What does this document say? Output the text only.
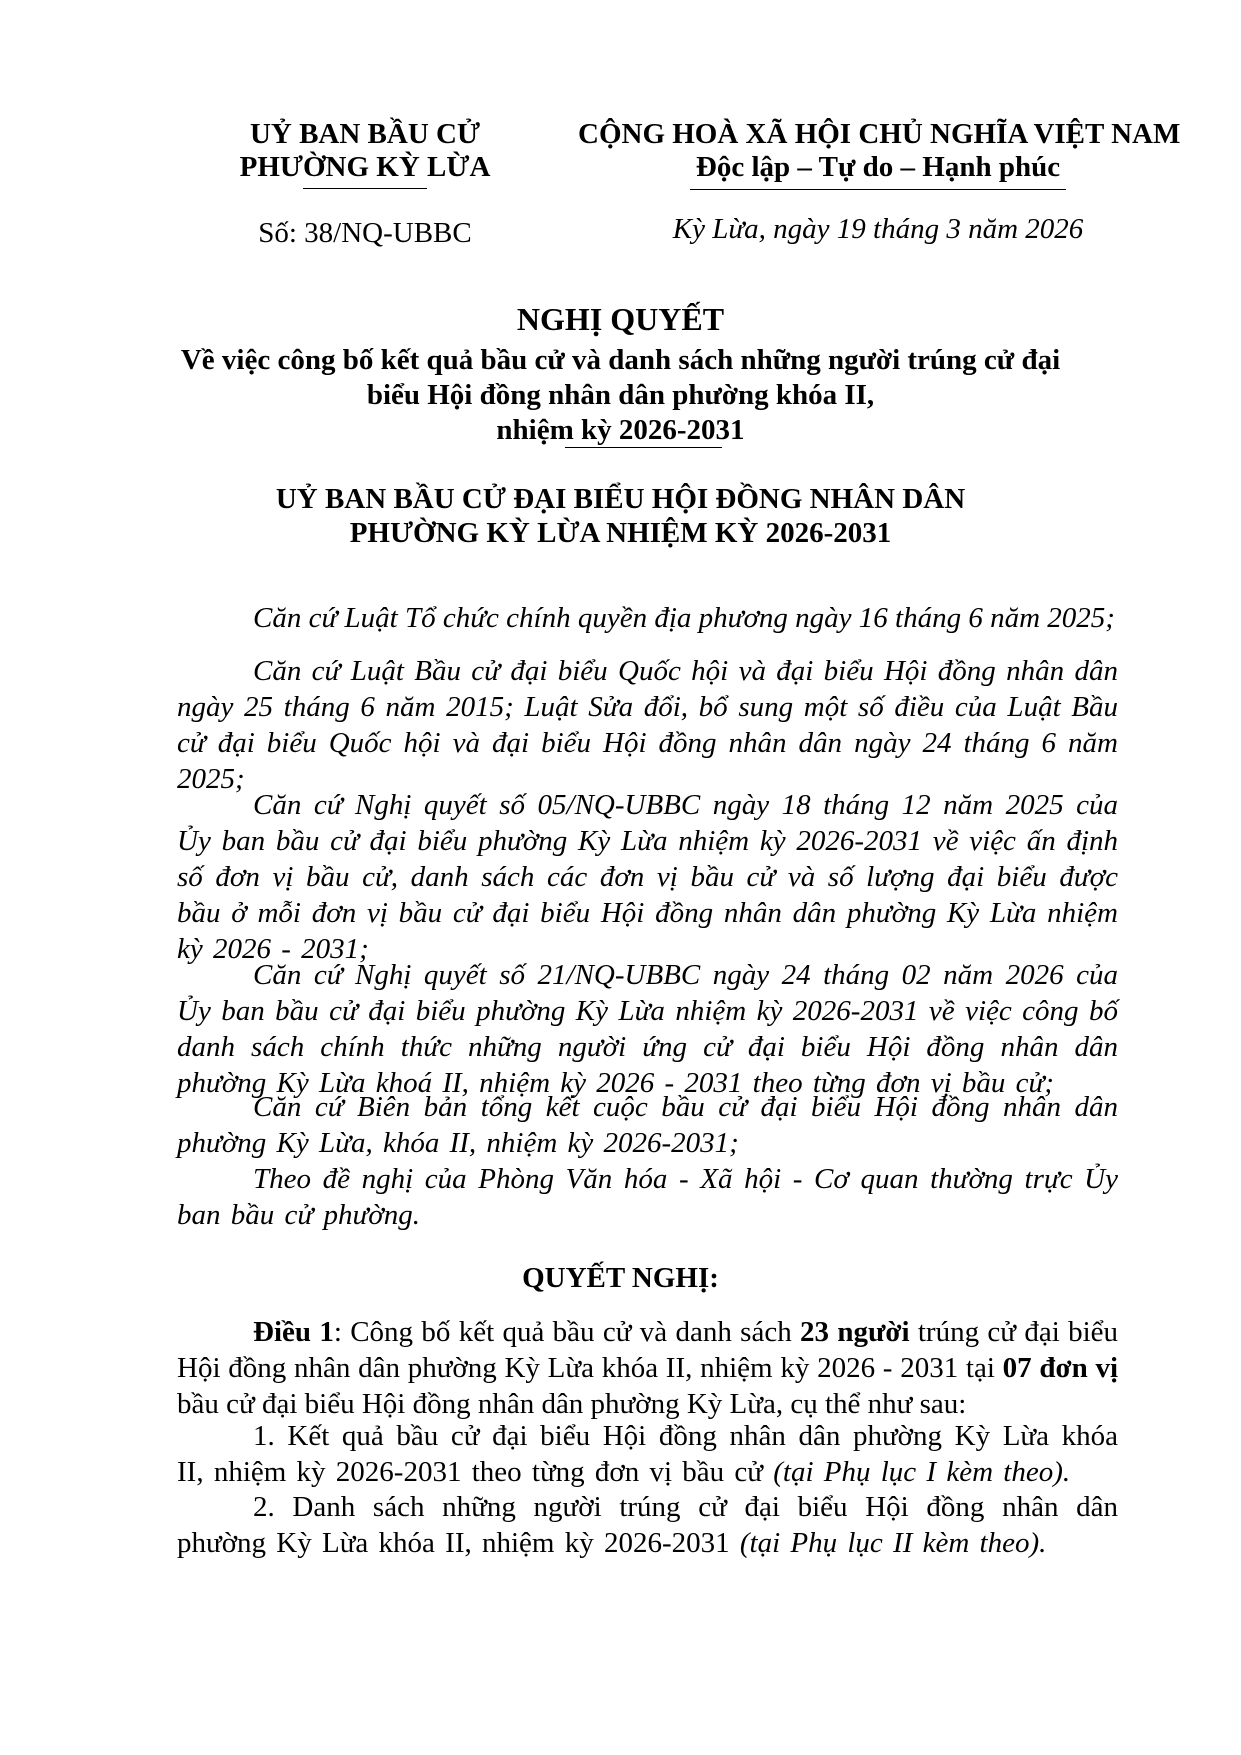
UỶ BAN BẦU CỬ
PHƯỜNG KỲ LỪA
Số: 38/NQ-UBBC
CỘNG HOÀ XÃ HỘI CHỦ NGHĨA VIỆT NAM
Độc lập – Tự do – Hạnh phúc
Kỳ Lừa, ngày 19 tháng 3 năm 2026
NGHỊ QUYẾT
Về việc công bố kết quả bầu cử và danh sách những người trúng cử đại
biểu Hội đồng nhân dân phường khóa II,
nhiệm kỳ 2026-2031
UỶ BAN BẦU CỬ ĐẠI BIỂU HỘI ĐỒNG NHÂN DÂN
PHƯỜNG KỲ LỪA NHIỆM KỲ 2026-2031
Căn cứ Luật Tổ chức chính quyền địa phương ngày 16 tháng 6 năm 2025;
Căn cứ Luật Bầu cử đại biểu Quốc hội và đại biểu Hội đồng nhân dân ngày 25 tháng 6 năm 2015; Luật Sửa đổi, bổ sung một số điều của Luật Bầu cử đại biểu Quốc hội và đại biểu Hội đồng nhân dân ngày 24 tháng 6 năm 2025;
Căn cứ Nghị quyết số 05/NQ-UBBC ngày 18 tháng 12 năm 2025 của Ủy ban bầu cử đại biểu phường Kỳ Lừa nhiệm kỳ 2026-2031 về việc ấn định số đơn vị bầu cử, danh sách các đơn vị bầu cử và số lượng đại biểu được bầu ở mỗi đơn vị bầu cử đại biểu Hội đồng nhân dân phường Kỳ Lừa nhiệm kỳ 2026 - 2031;
Căn cứ Nghị quyết số 21/NQ-UBBC ngày 24 tháng 02 năm 2026 của Ủy ban bầu cử đại biểu phường Kỳ Lừa nhiệm kỳ 2026-2031 về việc công bố danh sách chính thức những người ứng cử đại biểu Hội đồng nhân dân phường Kỳ Lừa khoá II, nhiệm kỳ 2026 - 2031 theo từng đơn vị bầu cử;
Căn cứ Biên bản tổng kết cuộc bầu cử đại biểu Hội đồng nhân dân phường Kỳ Lừa, khóa II, nhiệm kỳ 2026-2031;
Theo đề nghị của Phòng Văn hóa - Xã hội - Cơ quan thường trực Ủy ban bầu cử phường.
QUYẾT NGHỊ:
Điều 1: Công bố kết quả bầu cử và danh sách 23 người trúng cử đại biểu Hội đồng nhân dân phường Kỳ Lừa khóa II, nhiệm kỳ 2026 - 2031 tại 07 đơn vị bầu cử đại biểu Hội đồng nhân dân phường Kỳ Lừa, cụ thể như sau:
1. Kết quả bầu cử đại biểu Hội đồng nhân dân phường Kỳ Lừa khóa II, nhiệm kỳ 2026-2031 theo từng đơn vị bầu cử (tại Phụ lục I kèm theo).
2. Danh sách những người trúng cử đại biểu Hội đồng nhân dân phường Kỳ Lừa khóa II, nhiệm kỳ 2026-2031 (tại Phụ lục II kèm theo).
